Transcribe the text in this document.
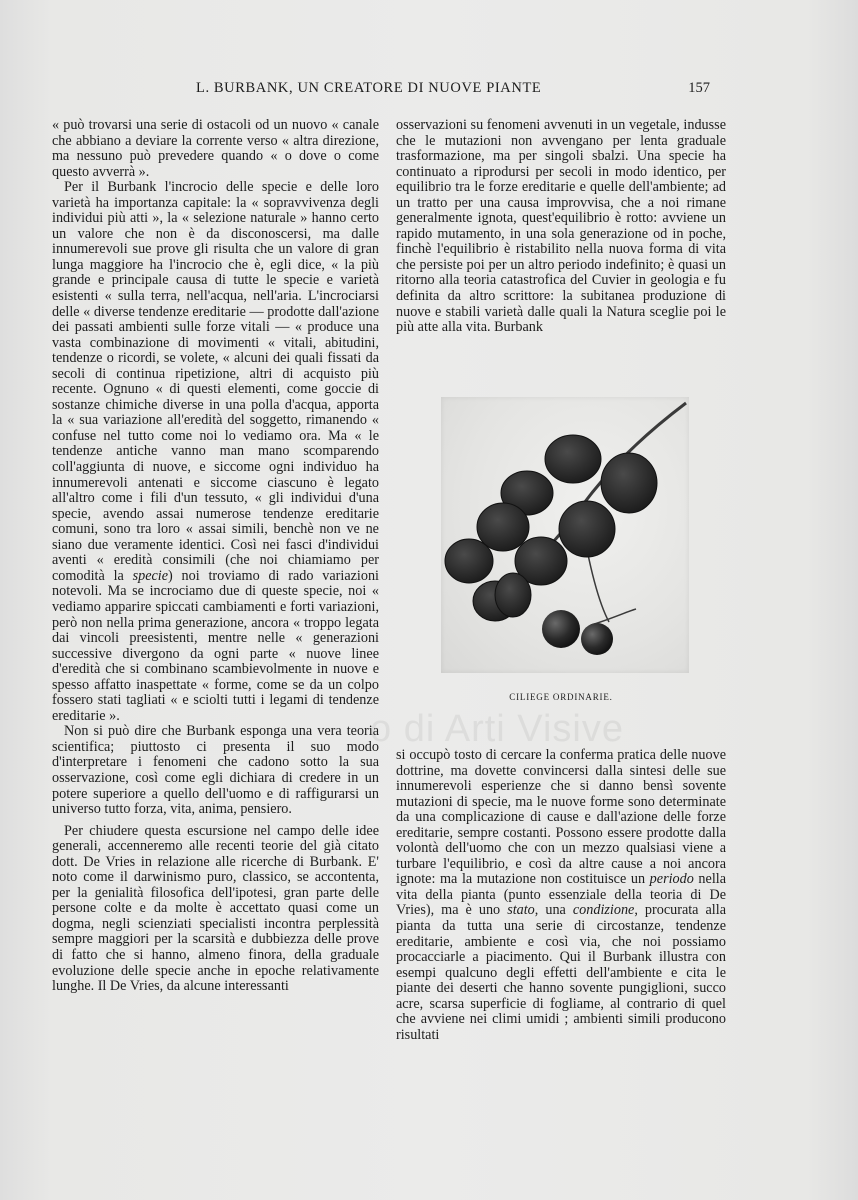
L. BURBANK, UN CREATORE DI NUOVE PIANTE	157

« può trovarsi una serie di ostacoli od un nuovo « canale che abbiano a deviare la corrente verso « altra direzione, ma nessuno può prevedere quando « o dove o come questo avverrà ».

Per il Burbank l'incrocio delle specie e delle loro varietà ha importanza capitale: la « sopravvivenza degli individui più atti », la « selezione naturale » hanno certo un valore che non è da disconoscersi, ma dalle innumerevoli sue prove gli risulta che un valore di gran lunga maggiore ha l'incrocio che è, egli dice, « la più grande e principale causa di tutte le specie e varietà esistenti « sulla terra, nell'acqua, nell'aria. L'incrociarsi delle « diverse tendenze ereditarie — prodotte dall'azione dei passati ambienti sulle forze vitali — « produce una vasta combinazione di movimenti « vitali, abitudini, tendenze o ricordi, se volete, « alcuni dei quali fissati da secoli di continua ripetizione, altri di acquisto più recente. Ognuno « di questi elementi, come goccie di sostanze chimiche diverse in una polla d'acqua, apporta la « sua variazione all'eredità del soggetto, rimanendo « confuse nel tutto come noi lo vediamo ora. Ma « le tendenze antiche vanno man mano scomparendo coll'aggiunta di nuove, e siccome ogni individuo ha innumerevoli antenati e siccome ciascuno è legato all'altro come i fili d'un tessuto, « gli individui d'una specie, avendo assai numerose tendenze ereditarie comuni, sono tra loro « assai simili, benchè non ve ne siano due veramente identici. Così nei fasci d'individui aventi « eredità consimili (che noi chiamiamo per comodità la specie) noi troviamo di rado variazioni notevoli. Ma se incrociamo due di queste specie, noi « vediamo apparire spiccati cambiamenti e forti variazioni, però non nella prima generazione, ancora « troppo legata dai vincoli preesistenti, mentre nelle « generazioni successive divergono da ogni parte « nuove linee d'eredità che si combinano scambievolmente in nuove e spesso affatto inaspettate « forme, come se da un colpo fossero stati tagliati « e sciolti tutti i legami di tendenze ereditarie ».

Non si può dire che Burbank esponga una vera teoria scientifica; piuttosto ci presenta il suo modo d'interpretare i fenomeni che cadono sotto la sua osservazione, così come egli dichiara di credere in un potere superiore a quello dell'uomo e di raffigurarsi un universo tutto forza, vita, anima, pensiero.

Per chiudere questa escursione nel campo delle idee generali, accenneremo alle recenti teorie del già citato dott. De Vries in relazione alle ricerche di Burbank. E' noto come il darwinismo puro, classico, se accontenta, per la genialità filosofica dell'ipotesi, gran parte delle persone colte e da molte è accettato quasi come un dogma, negli scienziati specialisti incontra perplessità sempre maggiori per la scarsità e dubbiezza delle prove di fatto che si hanno, almeno finora, della graduale evoluzione delle specie anche in epoche relativamente lunghe. Il De Vries, da alcune interessanti

osservazioni su fenomeni avvenuti in un vegetale, indusse che le mutazioni non avvengano per lenta graduale trasformazione, ma per singoli sbalzi. Una specie ha continuato a riprodursi per secoli in modo identico, per equilibrio tra le forze ereditarie e quelle dell'ambiente; ad un tratto per una causa improvvisa, che a noi rimane generalmente ignota, quest'equilibrio è rotto: avviene un rapido mutamento, in una sola generazione od in poche, finchè l'equilibrio è ristabilito nella nuova forma di vita che persiste poi per un altro periodo indefinito; è quasi un ritorno alla teoria catastrofica del Cuvier in geologia e fu definita da altro scrittore: la subitanea produzione di nuove e stabili varietà dalle quali la Natura sceglie poi le più atte alla vita. Burbank

CILIEGE ORDINARIE.
o di Arti Visive

si occupò tosto di cercare la conferma pratica delle nuove dottrine, ma dovette convincersi dalla sintesi delle sue innumerevoli esperienze che si danno bensì sovente mutazioni di specie, ma le nuove forme sono determinate da una complicazione di cause e dall'azione delle forze ereditarie, sempre costanti. Possono essere prodotte dalla volontà dell'uomo che con un mezzo qualsiasi viene a turbare l'equilibrio, e così da altre cause a noi ancora ignote: ma la mutazione non costituisce un periodo nella vita della pianta (punto essenziale della teoria di De Vries), ma è uno stato, una condizione, procurata alla pianta da tutta una serie di circostanze, tendenze ereditarie, ambiente e così via, che noi possiamo procacciarle a piacimento. Qui il Burbank illustra con esempi qualcuno degli effetti dell'ambiente e cita le piante dei deserti che hanno sovente pungiglioni, succo acre, scarsa superficie di fogliame, al contrario di quel che avviene nei climi umidi ; ambienti simili producono risultati
